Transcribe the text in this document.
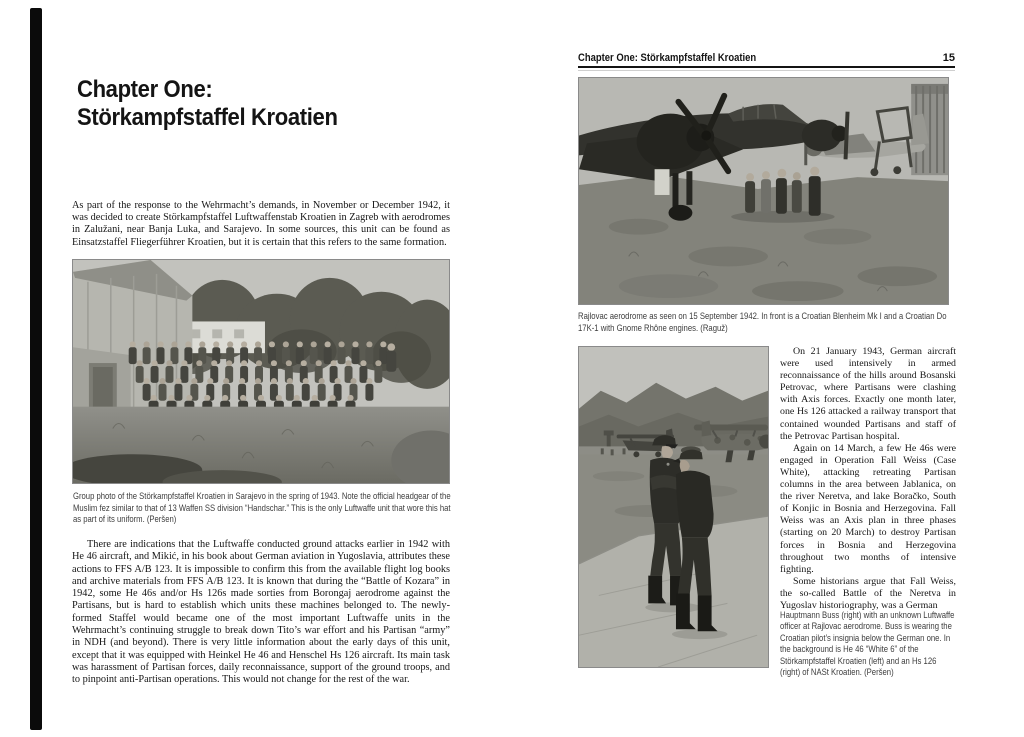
Chapter One:
Störkampfstaffel Kroatien

As part of the response to the Wehrmacht’s demands, in November or December 1942, it was decided to create Störkampfstaffel Luftwaffenstab Kroatien in Zagreb with aerodromes in Zalužani, near Banja Luka, and Sarajevo. In some sources, this unit can be found as Einsatzstaffel Fliegerführer Kroatien, but it is certain that this refers to the same formation.

Group photo of the Störkampfstaffel Kroatien in Sarajevo in the spring of 1943. Note the official headgear of the Muslim fez similar to that of 13 Waffen SS division “Handschar.” This is the only Luftwaffe unit that wore this hat as part of its uniform. (Peršen)

There are indications that the Luftwaffe conducted ground attacks earlier in 1942 with He 46 aircraft, and Mikić, in his book about German aviation in Yugoslavia, attributes these actions to FFS A/B 123. It is impossible to confirm this from the available flight log books and archive materials from FFS A/B 123. It is known that during the “Battle of Kozara” in 1942, some He 46s and/or Hs 126s made sorties from Borongaj aerodrome against the Partisans, but is hard to establish which units these machines belonged to. The newly-formed Staffel would became one of the most important Luftwaffe units in the Wehrmacht’s continuing struggle to break down Tito’s war effort and his Partisan “army” in NDH (and beyond). There is very little information about the early days of this unit, except that it was equipped with Heinkel He 46 and Henschel Hs 126 aircraft. Its main task was harassment of Partisan forces, daily reconnaissance, support of the ground troops, and to pinpoint anti-Partisan operations. This would not change for the rest of the war.

Chapter One: Störkampfstaffel Kroatien	15

Rajlovac aerodrome as seen on 15 September 1942. In front is a Croatian Blenheim Mk I and a Croatian Do 17K-1 with Gnome Rhône engines. (Raguž)

On 21 January 1943, German aircraft were used intensively in armed reconnaissance of the hills around Bosanski Petrovac, where Partisans were clashing with Axis forces. Exactly one month later, one Hs 126 attacked a railway transport that contained wounded Partisans and staff of the Petrovac Partisan hospital.

Again on 14 March, a few He 46s were engaged in Operation Fall Weiss (Case White), attacking retreating Partisan columns in the area between Jablanica, on the river Neretva, and lake Boračko, South of Konjic in Bosnia and Herzegovina. Fall Weiss was an Axis plan in three phases (starting on 20 March) to destroy Partisan forces in Bosnia and Herzegovina throughout two months of intensive fighting.

Some historians argue that Fall Weiss, the so-called Battle of the Neretva in Yugoslav historiography, was a German

Hauptmann Buss (right) with an unknown Luftwaffe officer at Rajlovac aerodrome. Buss is wearing the Croatian pilot’s insignia below the German one. In the background is He 46 “White 6” of the Störkampfstaffel Kroatien (left) and an Hs 126 (right) of NASt Kroatien. (Peršen)
